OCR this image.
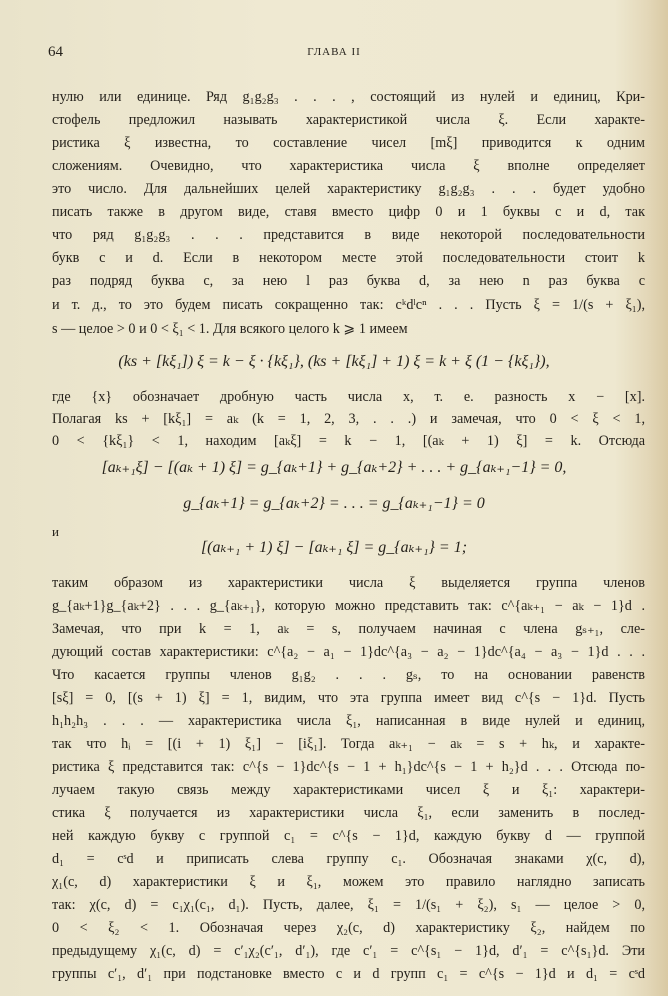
64	ГЛАВА II
нулю или единице. Ряд g₁g₂g₃ . . . , состоящий из нулей и единиц, Кри-
стофель предложил называть характеристикой числа ξ. Если характе-
ристика ξ известна, то составление чисел [mξ] приводится к одним
сложениям. Очевидно, что характеристика числа ξ вполне определяет
это число. Для дальнейших целей характеристику g₁g₂g₃ . . . будет удобно
писать также в другом виде, ставя вместо цифр 0 и 1 буквы c и d, так
что ряд g₁g₂g₃ . . . представится в виде некоторой последовательности
букв c и d. Если в некотором месте этой последовательности стоит k
раз подряд буква c, за нею l раз буква d, за нею n раз буква c
и т. д., то это будем писать сокращенно так: cᵏdˡcⁿ . . . Пусть ξ = 1/(s + ξ₁),
s — целое > 0 и 0 < ξ₁ < 1. Для всякого целого k ⩾ 1 имеем
(ks + [kξ₁]) ξ = k − ξ · {kξ₁}, (ks + [kξ₁] + 1) ξ = k + ξ (1 − {kξ₁}),
где {x} обозначает дробную часть числа x, т. е. разность x − [x].
Полагая ks + [kξ₁] = aₖ (k = 1, 2, 3, . . .) и замечая, что 0 < ξ < 1,
0 < {kξ₁} < 1, находим [aₖξ] = k − 1, [(aₖ + 1) ξ] = k. Отсюда
[aₖ₊₁ξ] − [(aₖ + 1) ξ] = g_{aₖ+1} + g_{aₖ+2} + . . . + g_{aₖ₊₁−1} = 0,
g_{aₖ+1} = g_{aₖ+2} = . . . = g_{aₖ₊₁−1} = 0
и
[(aₖ₊₁ + 1) ξ] − [aₖ₊₁ ξ] = g_{aₖ₊₁} = 1;
таким образом из характеристики числа ξ выделяется группа членов
g_{aₖ+1}g_{aₖ+2} . . . g_{aₖ₊₁}, которую можно представить так: c^{aₖ₊₁ − aₖ − 1}d .
Замечая, что при k = 1, aₖ = s, получаем начиная с члена gₛ₊₁, сле-
дующий состав характеристики: c^{a₂ − a₁ − 1}dc^{a₃ − a₂ − 1}dc^{a₄ − a₃ − 1}d . . .
Что касается группы членов g₁g₂ . . . gₛ, то на основании равенств
[sξ] = 0, [(s + 1) ξ] = 1, видим, что эта группа имеет вид c^{s − 1}d. Пусть
h₁h₂h₃ . . . — характеристика числа ξ₁, написанная в виде нулей и единиц,
так что hᵢ = [(i + 1) ξ₁] − [iξ₁]. Тогда aₖ₊₁ − aₖ = s + hₖ, и характе-
ристика ξ представится так: c^{s − 1}dc^{s − 1 + h₁}dc^{s − 1 + h₂}d . . . Отсюда по-
лучаем такую связь между характеристиками чисел ξ и ξ₁: характери-
стика ξ получается из характеристики числа ξ₁, если заменить в послед-
ней каждую букву c группой c₁ = c^{s − 1}d, каждую букву d — группой
d₁ = cˢd и приписать слева группу c₁. Обозначая знаками χ(c, d),
χ₁(c, d) характеристики ξ и ξ₁, можем это правило наглядно записать
так: χ(c, d) = c₁χ₁(c₁, d₁). Пусть, далее, ξ₁ = 1/(s₁ + ξ₂), s₁ — целое > 0,
0 < ξ₂ < 1. Обозначая через χ₂(c, d) характеристику ξ₂, найдем по
предыдущему χ₁(c, d) = c′₁χ₂(c′₁, d′₁), где c′₁ = c^{s₁ − 1}d, d′₁ = c^{s₁}d. Эти
группы c′₁, d′₁ при подстановке вместо c и d групп c₁ = c^{s − 1}d и d₁ = cˢd
